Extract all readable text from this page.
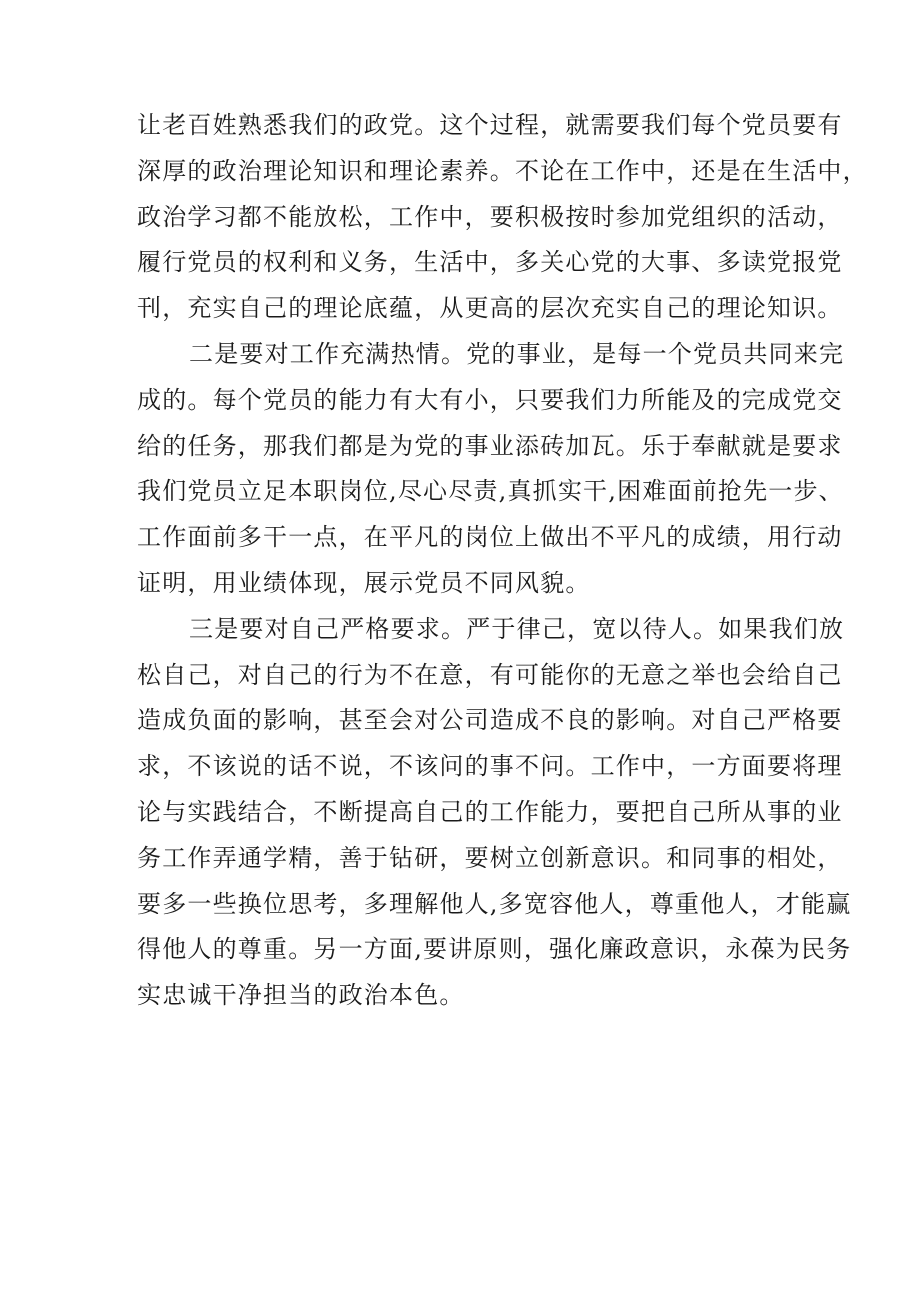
让老百姓熟悉我们的政党。这个过程，就需要我们每个党员要有
深厚的政治理论知识和理论素养。不论在工作中，还是在生活中，
政治学习都不能放松，工作中，要积极按时参加党组织的活动，
履行党员的权利和义务，生活中，多关心党的大事、多读党报党
刊，充实自己的理论底蕴，从更高的层次充实自己的理论知识。
二是要对工作充满热情。党的事业，是每一个党员共同来完
成的。每个党员的能力有大有小，只要我们力所能及的完成党交
给的任务，那我们都是为党的事业添砖加瓦。乐于奉献就是要求
我们党员立足本职岗位,尽心尽责,真抓实干,困难面前抢先一步、
工作面前多干一点，在平凡的岗位上做出不平凡的成绩，用行动
证明，用业绩体现，展示党员不同风貌。
三是要对自己严格要求。严于律己，宽以待人。如果我们放
松自己，对自己的行为不在意，有可能你的无意之举也会给自己
造成负面的影响，甚至会对公司造成不良的影响。对自己严格要
求，不该说的话不说，不该问的事不问。工作中，一方面要将理
论与实践结合，不断提高自己的工作能力，要把自己所从事的业
务工作弄通学精，善于钻研，要树立创新意识。和同事的相处，
要多一些换位思考，多理解他人,多宽容他人，尊重他人，才能赢
得他人的尊重。另一方面,要讲原则，强化廉政意识，永葆为民务
实忠诚干净担当的政治本色。
